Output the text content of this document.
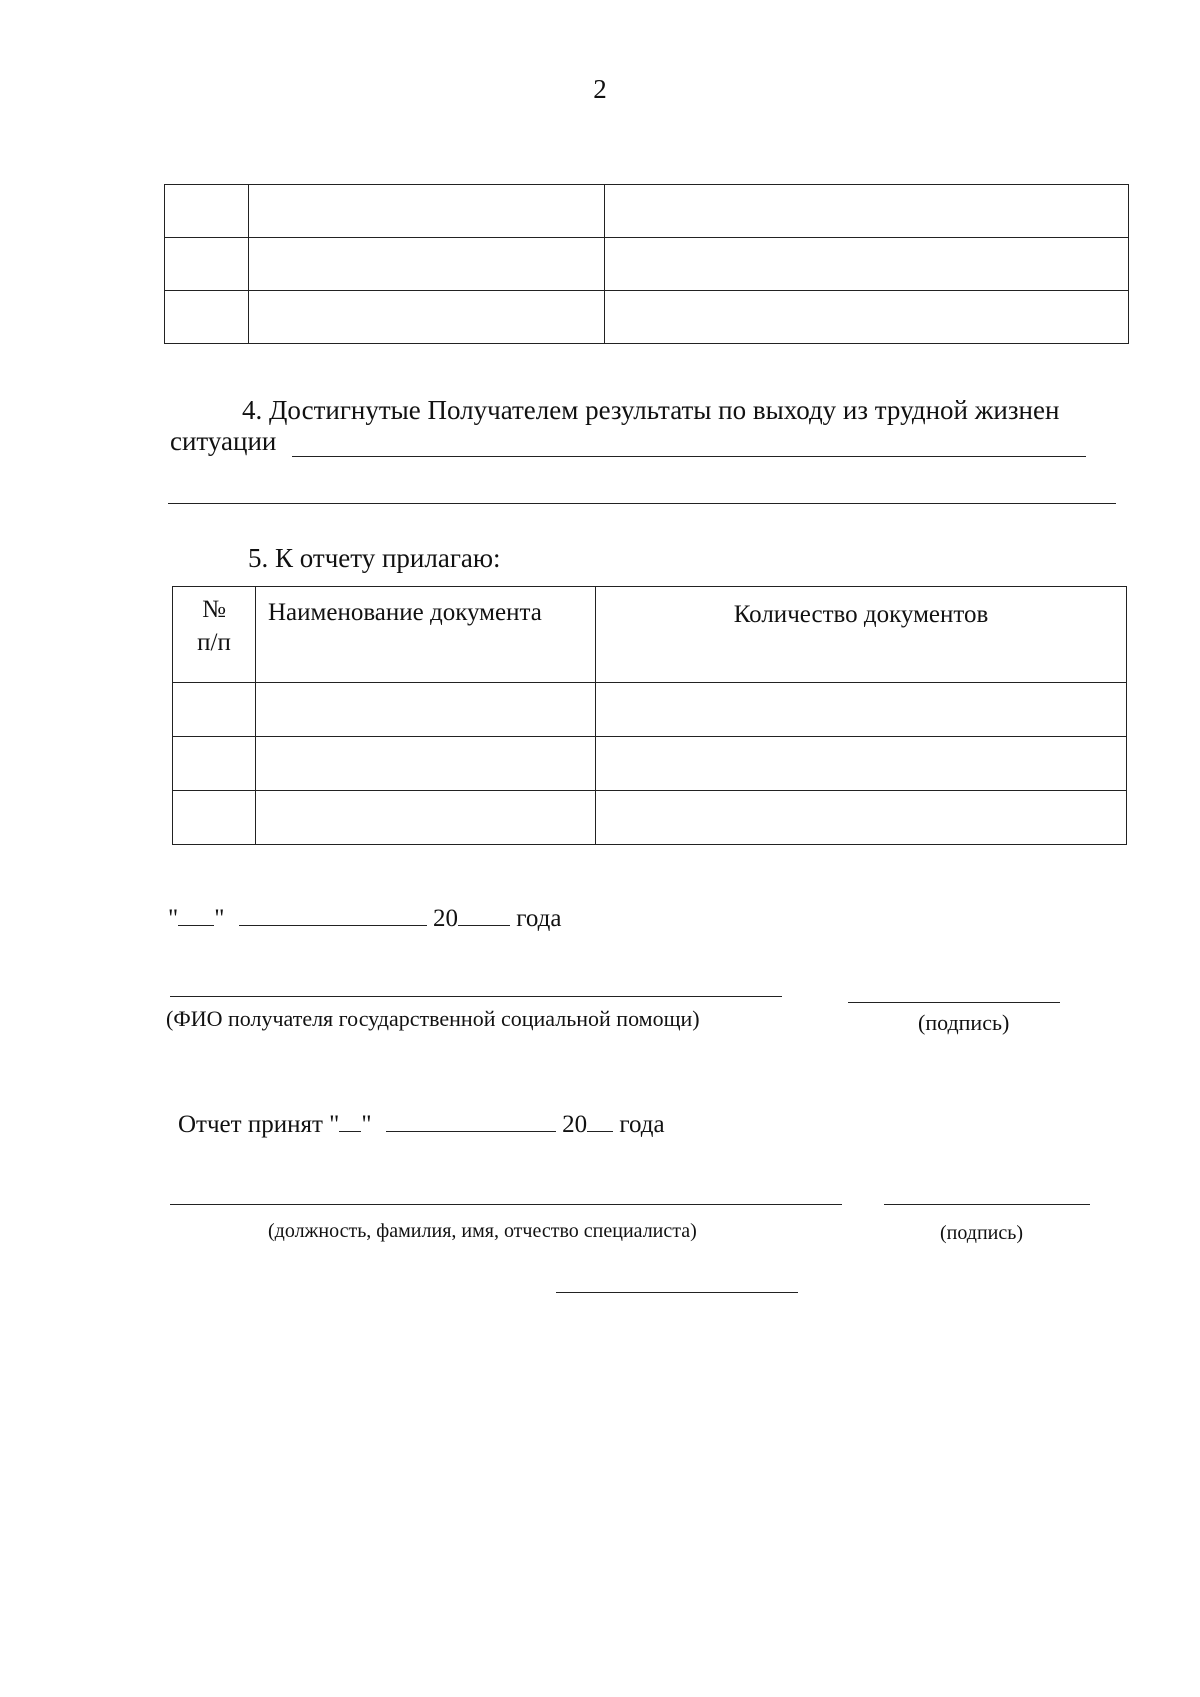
2

4. Достигнутые Получателем результаты по выходу из трудной жизнен
ситуации
5. К отчету прилагаю:
№
п/п	Наименование документа	Количество документов

" "	20 года
(ФИО получателя государственной социальной помощи)	(подпись)
Отчет принят " "	20 года
(должность, фамилия, имя, отчество специалиста)	(подпись)
